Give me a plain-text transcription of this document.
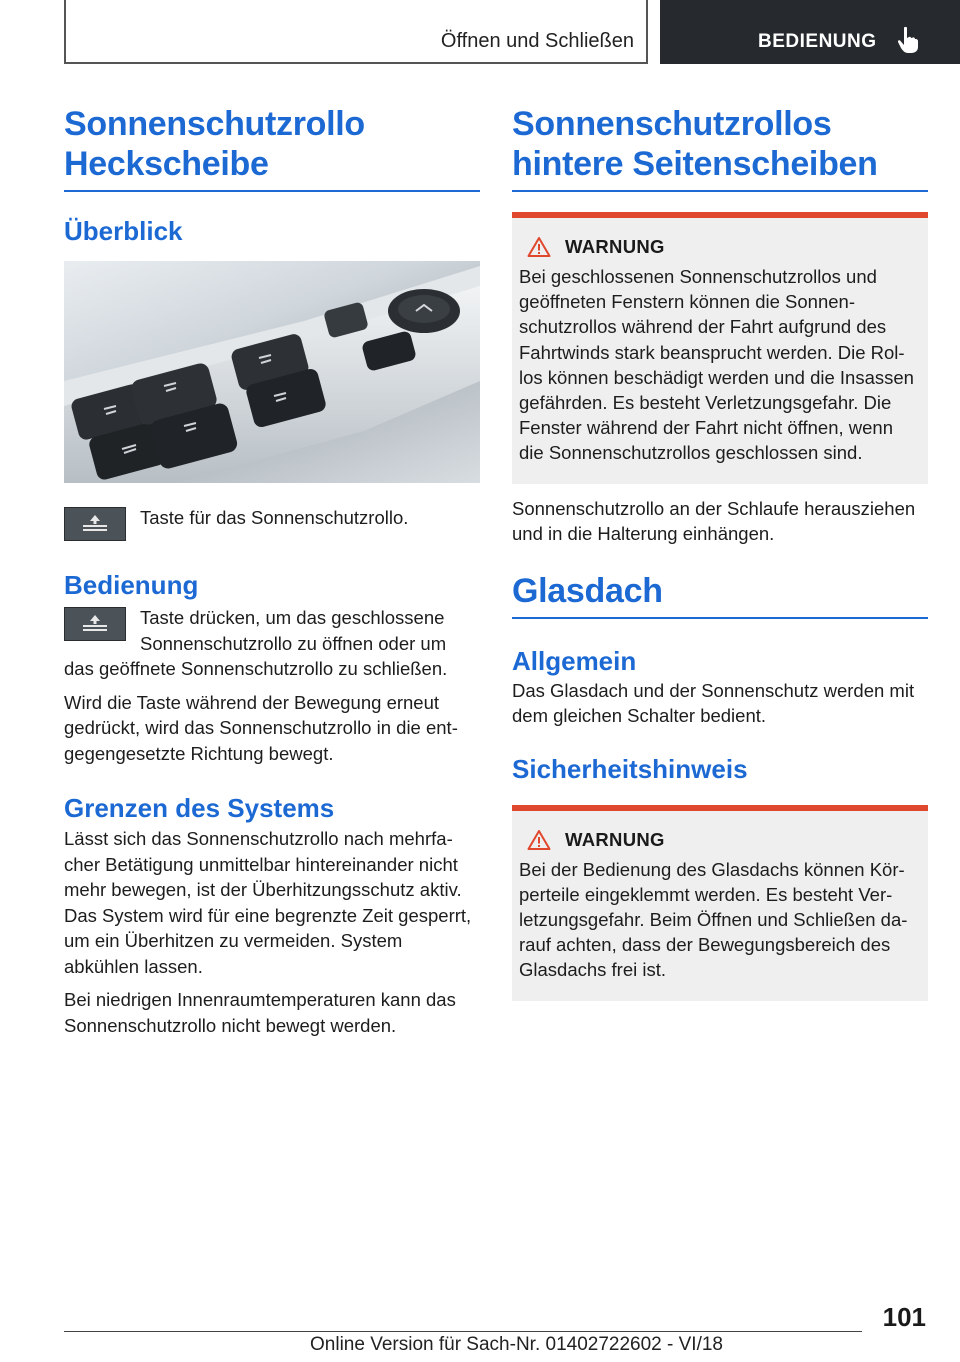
Öffnen und Schließen	BEDIENUNG
Sonnenschutzrollo Heckscheibe
Überblick

Taste für das Sonnenschutzrollo.

Bedienung

Taste drücken, um das geschlossene Sonnenschutzrollo zu öffnen oder um das geöffnete Sonnenschutzrollo zu schließen.

Wird die Taste während der Bewegung erneut gedrückt, wird das Sonnenschutzrollo in die entgegengesetzte Richtung bewegt.

Grenzen des Systems

Lässt sich das Sonnenschutzrollo nach mehrfacher Betätigung unmittelbar hintereinander nicht mehr bewegen, ist der Überhitzungsschutz aktiv. Das System wird für eine begrenzte Zeit gesperrt, um ein Überhitzen zu vermeiden. System abkühlen lassen.

Bei niedrigen Innenraumtemperaturen kann das Sonnenschutzrollo nicht bewegt werden.

Sonnenschutzrollos hintere Seitenscheiben
WARNUNG

Bei geschlossenen Sonnenschutzrollos und geöffneten Fenstern können die Sonnenschutzrollos während der Fahrt aufgrund des Fahrtwinds stark beansprucht werden. Die Rollos können beschädigt werden und die Insassen gefährden. Es besteht Verletzungsgefahr. Die Fenster während der Fahrt nicht öffnen, wenn die Sonnenschutzrollos geschlossen sind.

Sonnenschutzrollo an der Schlaufe herausziehen und in die Halterung einhängen.

Glasdach
Allgemein

Das Glasdach und der Sonnenschutz werden mit dem gleichen Schalter bedient.

Sicherheitshinweis
WARNUNG

Bei der Bedienung des Glasdachs können Körperteile eingeklemmt werden. Es besteht Verletzungsgefahr. Beim Öffnen und Schließen darauf achten, dass der Bewegungsbereich des Glasdachs frei ist.

101
Online Version für Sach-Nr. 01402722602 - VI/18
